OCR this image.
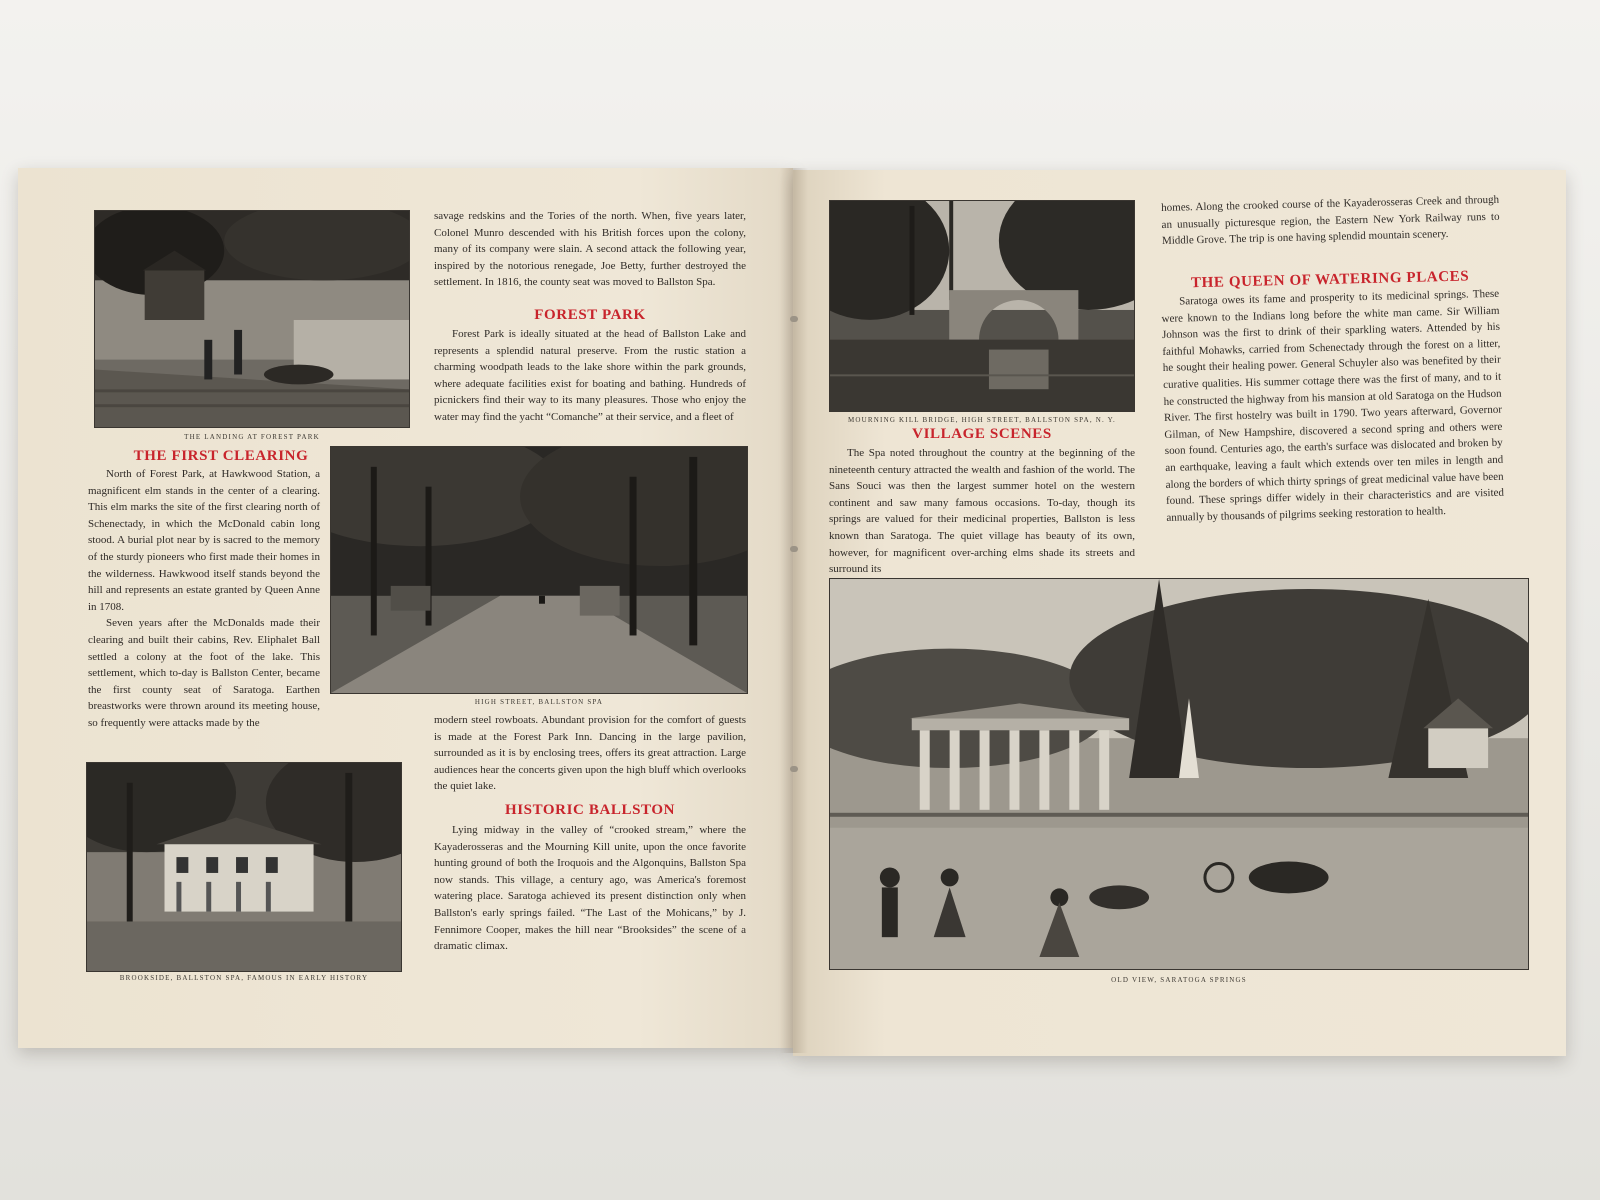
THE LANDING AT FOREST PARK
THE FIRST CLEARING

North of Forest Park, at Hawkwood Station, a magnificent elm stands in the center of a clearing. This elm marks the site of the first clearing north of Schenectady, in which the McDonald cabin long stood. A burial plot near by is sacred to the memory of the sturdy pioneers who first made their homes in the wilderness. Hawkwood itself stands beyond the hill and represents an estate granted by Queen Anne in 1708.

Seven years after the McDonalds made their clearing and built their cabins, Rev. Eliphalet Ball settled a colony at the foot of the lake. This settlement, which to-day is Ballston Center, became the first county seat of Saratoga. Earthen breastworks were thrown around its meeting house, so frequently were attacks made by the

HIGH STREET, BALLSTON SPA
BROOKSIDE, BALLSTON SPA, FAMOUS IN EARLY HISTORY

savage redskins and the Tories of the north. When, five years later, Colonel Munro descended with his British forces upon the colony, many of its company were slain. A second attack the following year, inspired by the notorious renegade, Joe Betty, further destroyed the settlement. In 1816, the county seat was moved to Ballston Spa.

FOREST PARK

Forest Park is ideally situated at the head of Ballston Lake and represents a splendid natural preserve. From the rustic station a charming woodpath leads to the lake shore within the park grounds, where adequate facilities exist for boating and bathing. Hundreds of picnickers find their way to its many pleasures. Those who enjoy the water may find the yacht “Comanche” at their service, and a fleet of

modern steel rowboats. Abundant provision for the comfort of guests is made at the Forest Park Inn. Dancing in the large pavilion, surrounded as it is by enclosing trees, offers its great attraction. Large audiences hear the concerts given upon the high bluff which overlooks the quiet lake.

HISTORIC BALLSTON

Lying midway in the valley of “crooked stream,” where the Kayaderosseras and the Mourning Kill unite, upon the once favorite hunting ground of both the Iroquois and the Algonquins, Ballston Spa now stands. This village, a century ago, was America's foremost watering place. Saratoga achieved its present distinction only when Ballston's early springs failed. “The Last of the Mohicans,” by J. Fennimore Cooper, makes the hill near “Brooksides” the scene of a dramatic climax.

MOURNING KILL BRIDGE, HIGH STREET, BALLSTON SPA, N. Y.
VILLAGE SCENES

The Spa noted throughout the country at the beginning of the nineteenth century attracted the wealth and fashion of the world. The Sans Souci was then the largest summer hotel on the western continent and saw many famous occasions. To-day, though its springs are valued for their medicinal properties, Ballston is less known than Saratoga. The quiet village has beauty of its own, however, for magnificent over-arching elms shade its streets and surround its

homes. Along the crooked course of the Kayaderosseras Creek and through an unusually picturesque region, the Eastern New York Railway runs to Middle Grove. The trip is one having splendid mountain scenery.

THE QUEEN OF WATERING PLACES

Saratoga owes its fame and prosperity to its medicinal springs. These were known to the Indians long before the white man came. Sir William Johnson was the first to drink of their sparkling waters. Attended by his faithful Mohawks, carried from Schenectady through the forest on a litter, he sought their healing power. General Schuyler also was benefited by their curative qualities. His summer cottage there was the first of many, and to it he constructed the highway from his mansion at old Saratoga on the Hudson River. The first hostelry was built in 1790. Two years afterward, Governor Gilman, of New Hampshire, discovered a second spring and others were soon found. Centuries ago, the earth's surface was dislocated and broken by an earthquake, leaving a fault which extends over ten miles in length and along the borders of which thirty springs of great medicinal value have been found. These springs differ widely in their characteristics and are visited annually by thousands of pilgrims seeking restoration to health.

OLD VIEW, SARATOGA SPRINGS
